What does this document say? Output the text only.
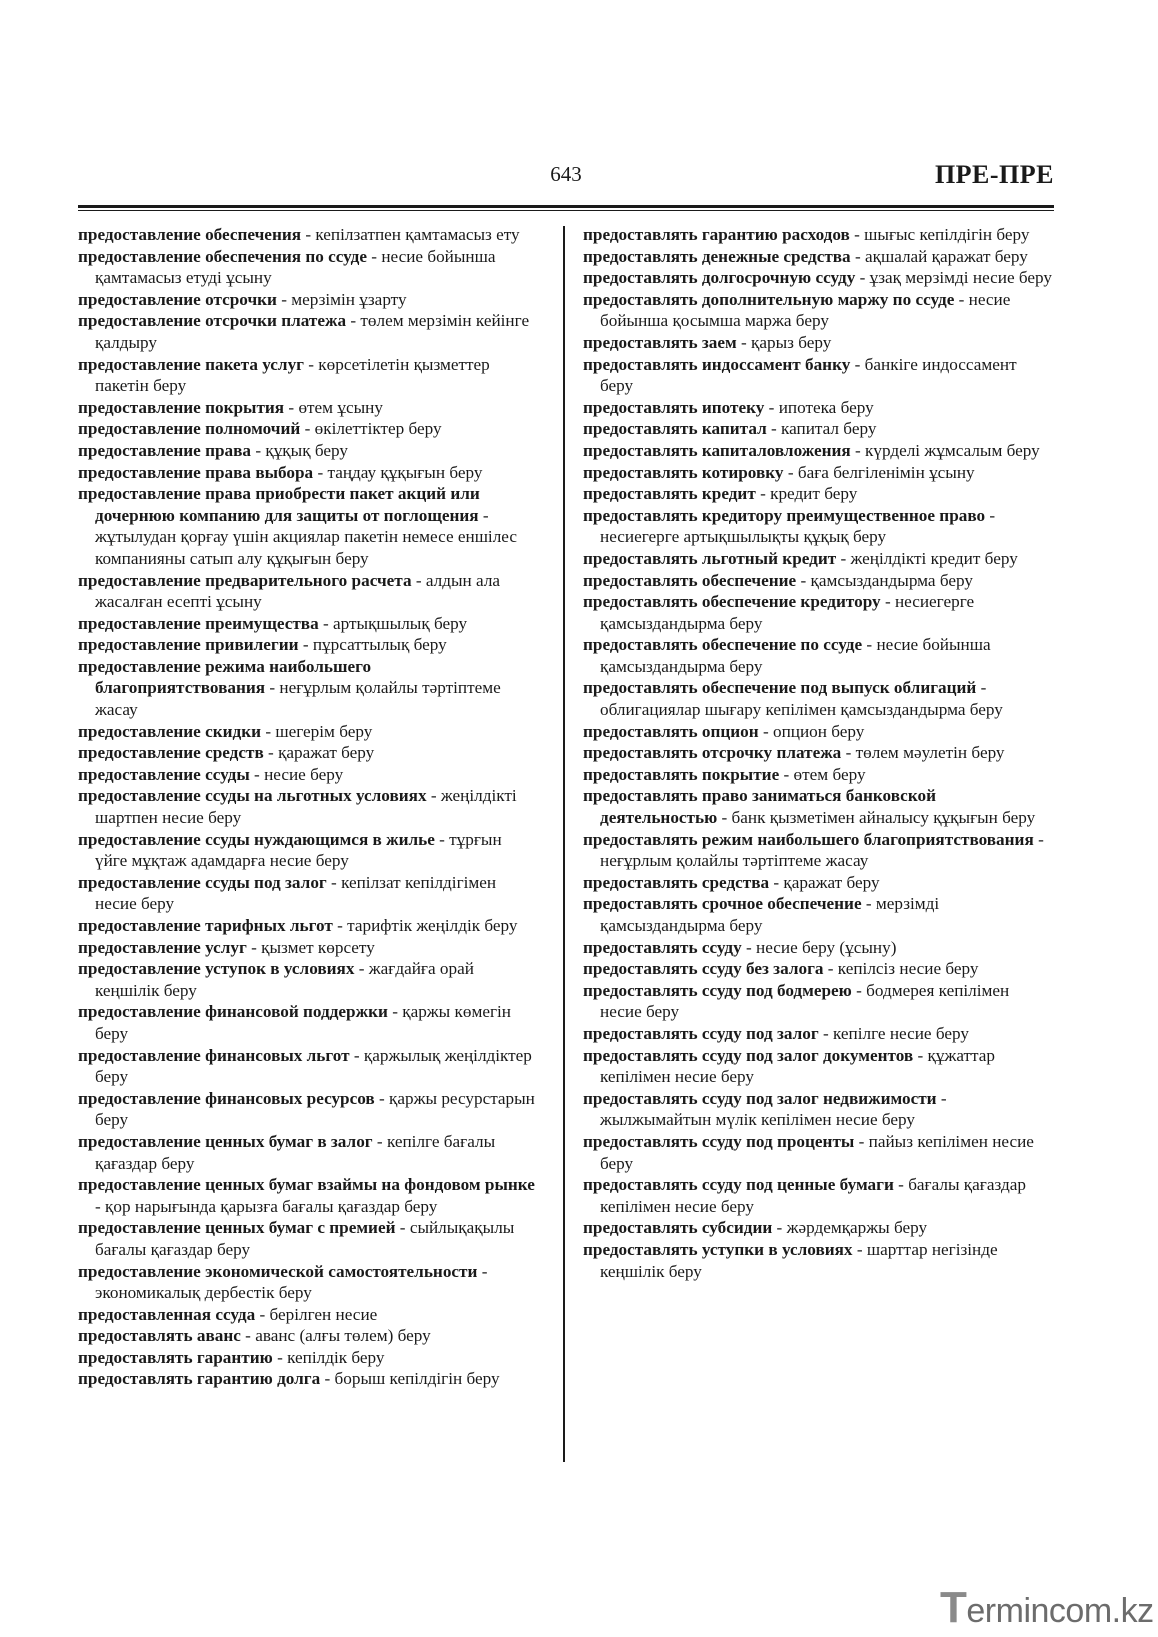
643	ПРЕ-ПРЕ

предоставление обеспечения - кепілзатпен қамтамасыз ету

предоставление обеспечения по ссуде - несие бойынша қамтамасыз етуді ұсыну

предоставление отсрочки - мерзімін ұзарту

предоставление отсрочки платежа - төлем мерзімін кейінге қалдыру

предоставление пакета услуг - көрсетілетін қызметтер пакетін беру

предоставление покрытия - өтем ұсыну

предоставление полномочий - өкілеттіктер беру

предоставление права - құқық беру

предоставление права выбора - таңдау құқығын беру

предоставление права приобрести пакет акций или дочернюю компанию для защиты от поглощения - жұтылудан қорғау үшін акциялар пакетін немесе еншілес компанияны сатып алу құқығын беру

предоставление предварительного расчета - алдын ала жасалған есепті ұсыну

предоставление преимущества - артықшылық беру

предоставление привилегии - пұрсаттылық беру

предоставление режима наибольшего благоприятствования - неғұрлым қолайлы тәртіптеме жасау

предоставление скидки - шегерім беру

предоставление средств - қаражат беру

предоставление ссуды - несие беру

предоставление ссуды на льготных условиях - жеңілдікті шартпен несие беру

предоставление ссуды нуждающимся в жилье - тұрғын үйге мұқтаж адамдарға несие беру

предоставление ссуды под залог - кепілзат кепілдігімен несие беру

предоставление тарифных льгот - тарифтік жеңілдік беру

предоставление услуг - қызмет көрсету

предоставление уступок в условиях - жағдайға орай кеңшілік беру

предоставление финансовой поддержки - қаржы көмегін беру

предоставление финансовых льгот - қаржылық жеңілдіктер беру

предоставление финансовых ресурсов - қаржы ресурстарын беру

предоставление ценных бумаг в залог - кепілге бағалы қағаздар беру

предоставление ценных бумаг взаймы на фондовом рынке - қор нарығында қарызға бағалы қағаздар беру

предоставление ценных бумаг с премией - сыйлықақылы бағалы қағаздар беру

предоставление экономической самостоятельности - экономикалық дербестік беру

предоставленная ссуда - берілген несие

предоставлять аванс - аванс (алғы төлем) беру

предоставлять гарантию - кепілдік беру

предоставлять гарантию долга - борыш кепілдігін беру

предоставлять гарантию расходов - шығыс кепілдігін беру

предоставлять денежные средства - ақшалай қаражат беру

предоставлять долгосрочную ссуду - ұзақ мерзімді несие беру

предоставлять дополнительную маржу по ссуде - несие бойынша қосымша маржа беру

предоставлять заем - қарыз беру

предоставлять индоссамент банку - банкіге индоссамент беру

предоставлять ипотеку - ипотека беру

предоставлять капитал - капитал беру

предоставлять капиталовложения - күрделі жұмсалым беру

предоставлять котировку - баға белгіленімін ұсыну

предоставлять кредит - кредит беру

предоставлять кредитору преимущественное право - несиегерге артықшылықты құқық беру

предоставлять льготный кредит - жеңілдікті кредит беру

предоставлять обеспечение - қамсыздандырма беру

предоставлять обеспечение кредитору - несиегерге қамсыздандырма беру

предоставлять обеспечение по ссуде - несие бойынша қамсыздандырма беру

предоставлять обеспечение под выпуск облигаций - облигациялар шығару кепілімен қамсыздандырма беру

предоставлять опцион - опцион беру

предоставлять отсрочку платежа - төлем мәулетін беру

предоставлять покрытие - өтем беру

предоставлять право заниматься банковской деятельностью - банк қызметімен айналысу құқығын беру

предоставлять режим наибольшего благоприятствования - неғұрлым қолайлы тәртіптеме жасау

предоставлять средства - қаражат беру

предоставлять срочное обеспечение - мерзімді қамсыздандырма беру

предоставлять ссуду - несие беру (ұсыну)

предоставлять ссуду без залога - кепілсіз несие беру

предоставлять ссуду под бодмерею - бодмерея кепілімен несие беру

предоставлять ссуду под залог - кепілге несие беру

предоставлять ссуду под залог документов - құжаттар кепілімен несие беру

предоставлять ссуду под залог недвижимости - жылжымайтын мүлік кепілімен несие беру

предоставлять ссуду под проценты - пайыз кепілімен несие беру

предоставлять ссуду под ценные бумаги - бағалы қағаздар кепілімен несие беру

предоставлять субсидии - жәрдемқаржы беру

предоставлять уступки в условиях - шарттар негізінде кеңшілік беру

Termincom.kz
